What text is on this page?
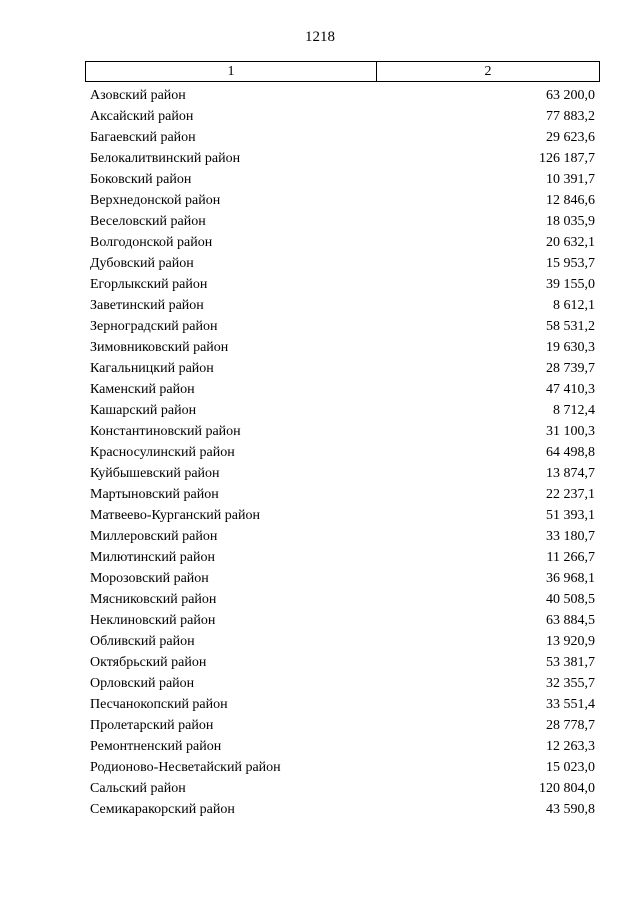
1218
1	2
Азовский район	63 200,0
Аксайский район	77 883,2
Багаевский район	29 623,6
Белокалитвинский район	126 187,7
Боковский район	10 391,7
Верхнедонской район	12 846,6
Веселовский район	18 035,9
Волгодонской район	20 632,1
Дубовский район	15 953,7
Егорлыкский район	39 155,0
Заветинский район	8 612,1
Зерноградский район	58 531,2
Зимовниковский район	19 630,3
Кагальницкий район	28 739,7
Каменский район	47 410,3
Кашарский район	8 712,4
Константиновский район	31 100,3
Красносулинский район	64 498,8
Куйбышевский район	13 874,7
Мартыновский район	22 237,1
Матвеево-Курганский район	51 393,1
Миллеровский район	33 180,7
Милютинский район	11 266,7
Морозовский район	36 968,1
Мясниковский район	40 508,5
Неклиновский район	63 884,5
Обливский район	13 920,9
Октябрьский район	53 381,7
Орловский район	32 355,7
Песчанокопский район	33 551,4
Пролетарский район	28 778,7
Ремонтненский район	12 263,3
Родионово-Несветайский район	15 023,0
Сальский район	120 804,0
Семикаракорский район	43 590,8
